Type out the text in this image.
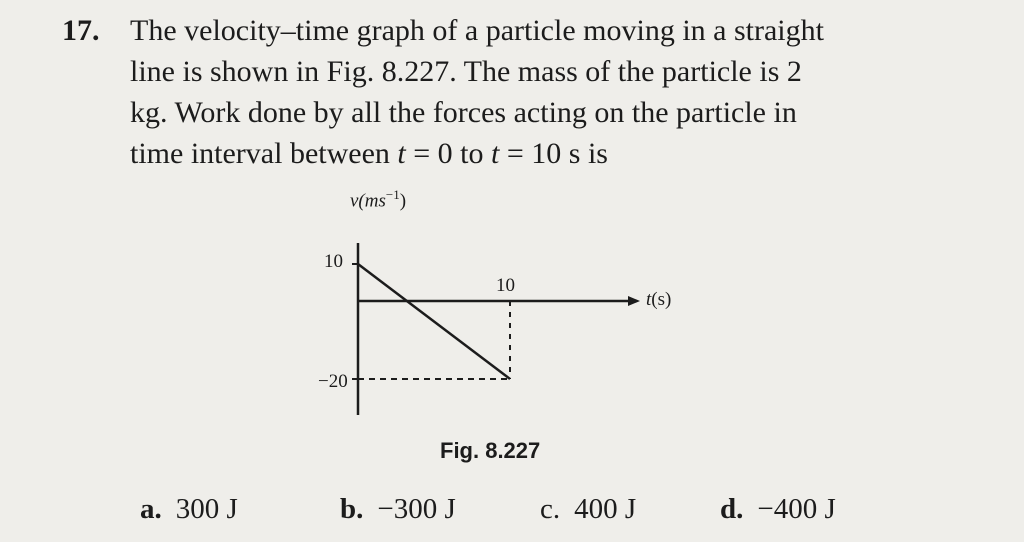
17. The velocity–time graph of a particle moving in a straight
line is shown in Fig. 8.227. The mass of the particle is 2
kg. Work done by all the forces acting on the particle in
time interval between t = 0 to t = 10 s is
$v(ms^{-1})$
t(s)
10
−20
10
Fig. 8.227
a. 300 J	b. −300 J	c. 400 J	d. −400 J
